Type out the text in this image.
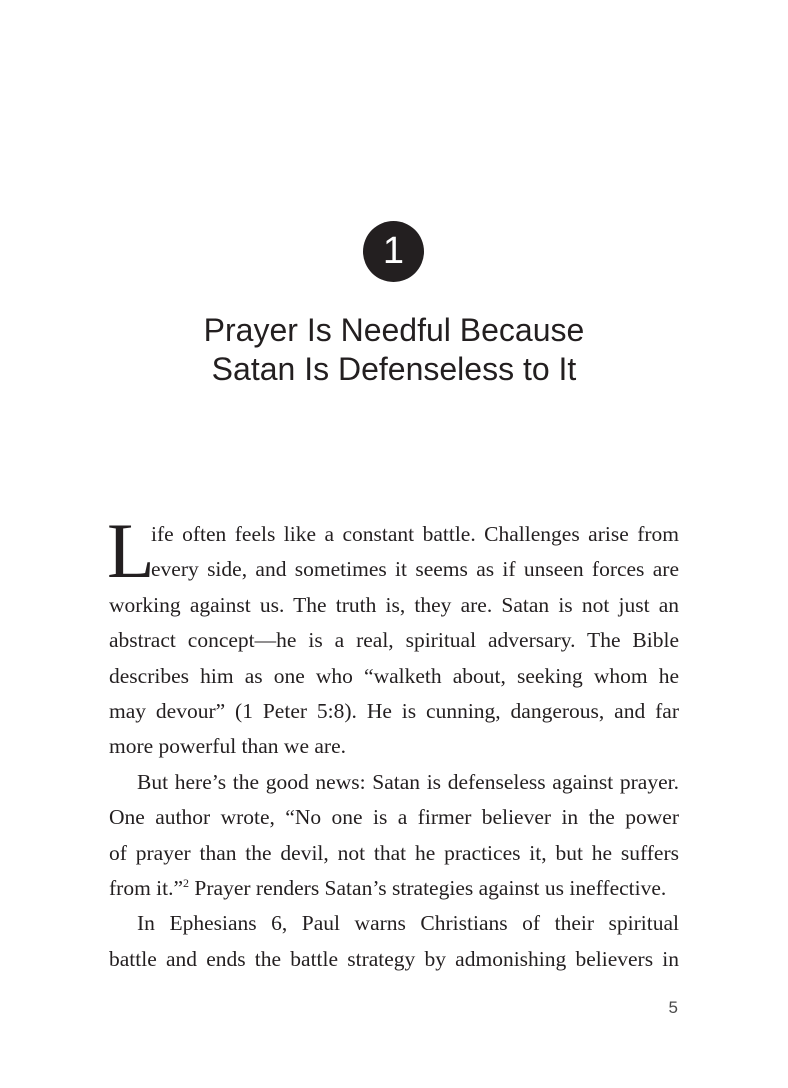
1
Prayer Is Needful Because
Satan Is Defenseless to It
L
ife often feels like a constant battle. Challenges arise from
every side, and sometimes it seems as if unseen forces are
working against us. The truth is, they are. Satan is not just an
abstract concept—he is a real, spiritual adversary. The Bible
describes him as one who “walketh about, seeking whom he
may devour” (1 Peter 5:8). He is cunning, dangerous, and far
more powerful than we are.
But here’s the good news: Satan is defenseless against prayer.
One author wrote, “No one is a firmer believer in the power
of prayer than the devil, not that he practices it, but he suffers
from it.”$^2$ Prayer renders Satan’s strategies against us ineffective.
In Ephesians 6, Paul warns Christians of their spiritual
battle and ends the battle strategy by admonishing believers in
5
